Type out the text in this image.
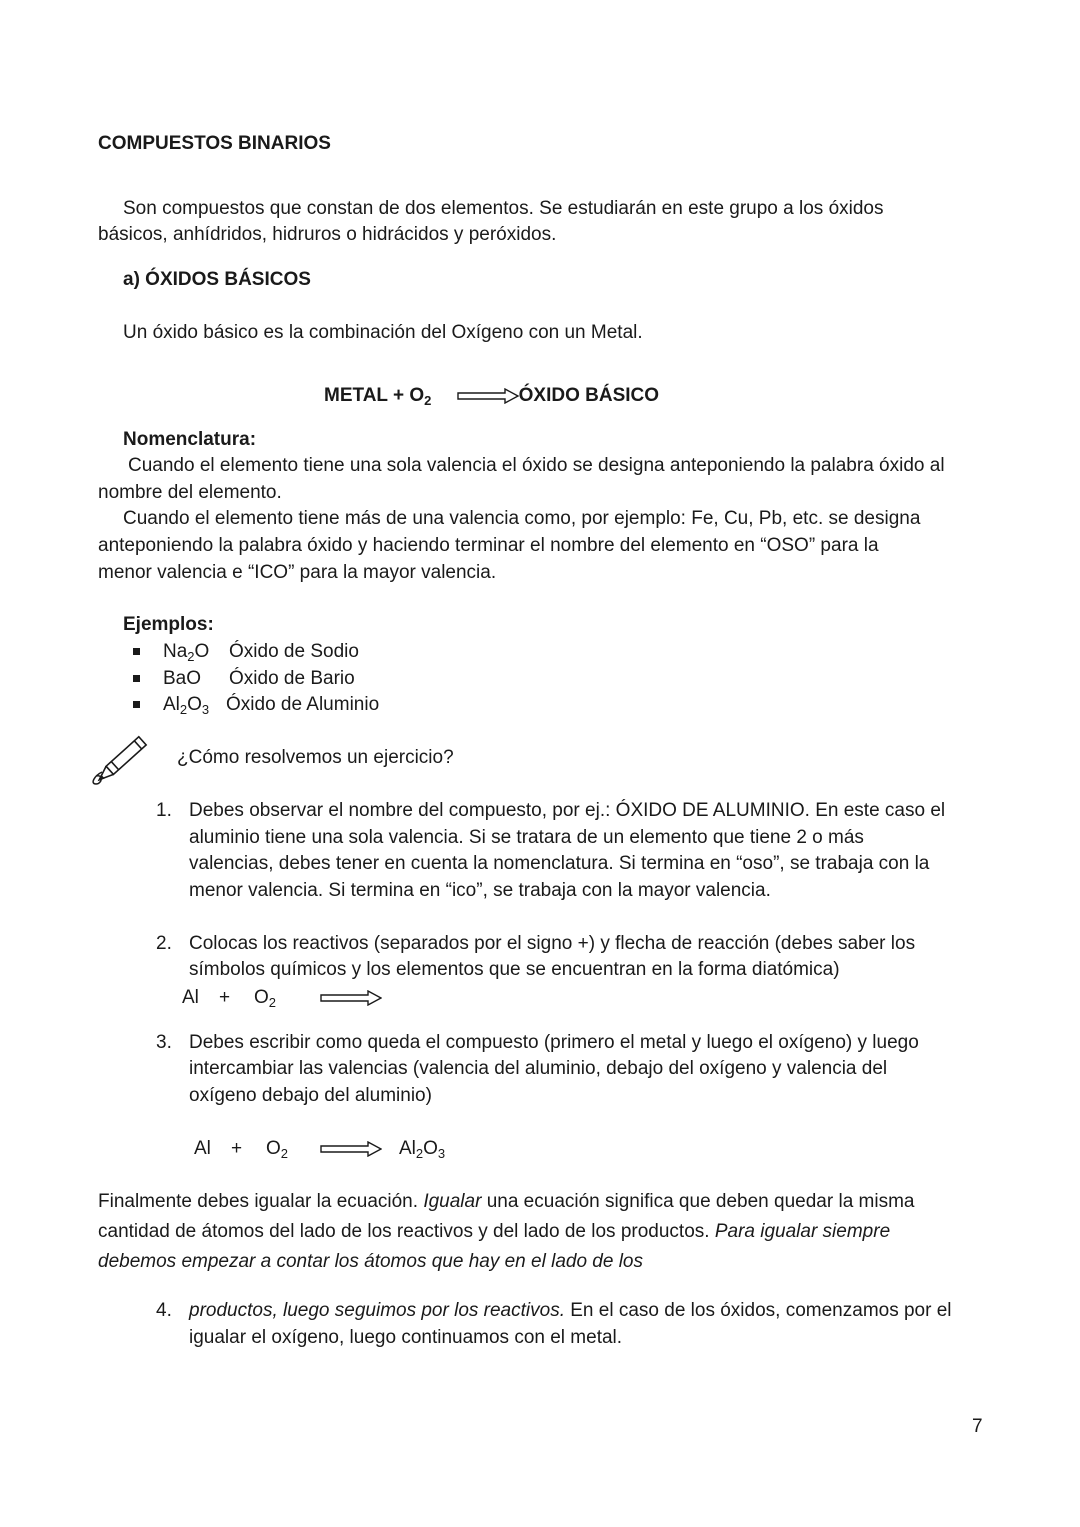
COMPUESTOS BINARIOS

Son compuestos que constan de dos elementos. Se estudiarán en este grupo a los óxidos

básicos, anhídridos, hidruros o hidrácidos y peróxidos.

a) ÓXIDOS BÁSICOS

Un óxido básico es la combinación del Oxígeno con un Metal.

METAL + $O_2$	ÓXIDO BÁSICO

Nomenclatura:

Cuando el elemento tiene una sola valencia el óxido se designa anteponiendo la palabra óxido al

nombre del elemento.

Cuando el elemento tiene más de una valencia como, por ejemplo: Fe, Cu, Pb, etc. se designa

anteponiendo la palabra óxido y haciendo terminar el nombre del elemento en “OSO” para la

menor valencia e “ICO” para la mayor valencia.

Ejemplos:

$Na_2O$ Óxido de Sodio

BaO Óxido de Bario

$Al_2O_3$ Óxido de Aluminio

¿Cómo resolvemos un ejercicio?

1. Debes observar el nombre del compuesto, por ej.: ÓXIDO DE ALUMINIO. En este caso el

aluminio tiene una sola valencia. Si se tratara de un elemento que tiene 2 o más

valencias, debes tener en cuenta la nomenclatura. Si termina en “oso”, se trabaja con la

menor valencia. Si termina en “ico”, se trabaja con la mayor valencia.

2. Colocas los reactivos (separados por el signo +) y flecha de reacción (debes saber los

símbolos químicos y los elementos que se encuentran en la forma diatómica)

$Al + O_2$
3. Debes escribir como queda el compuesto (primero el metal y luego el oxígeno) y luego

intercambiar las valencias (valencia del aluminio, debajo del oxígeno y valencia del

oxígeno debajo del aluminio)

$Al + O_2$	$Al_2O_3$

Finalmente debes igualar la ecuación. Igualar una ecuación significa que deben quedar la misma

cantidad de átomos del lado de los reactivos y del lado de los productos. Para igualar siempre

debemos empezar a contar los átomos que hay en el lado de los

4. productos, luego seguimos por los reactivos. En el caso de los óxidos, comenzamos por el

igualar el oxígeno, luego continuamos con el metal.

7
